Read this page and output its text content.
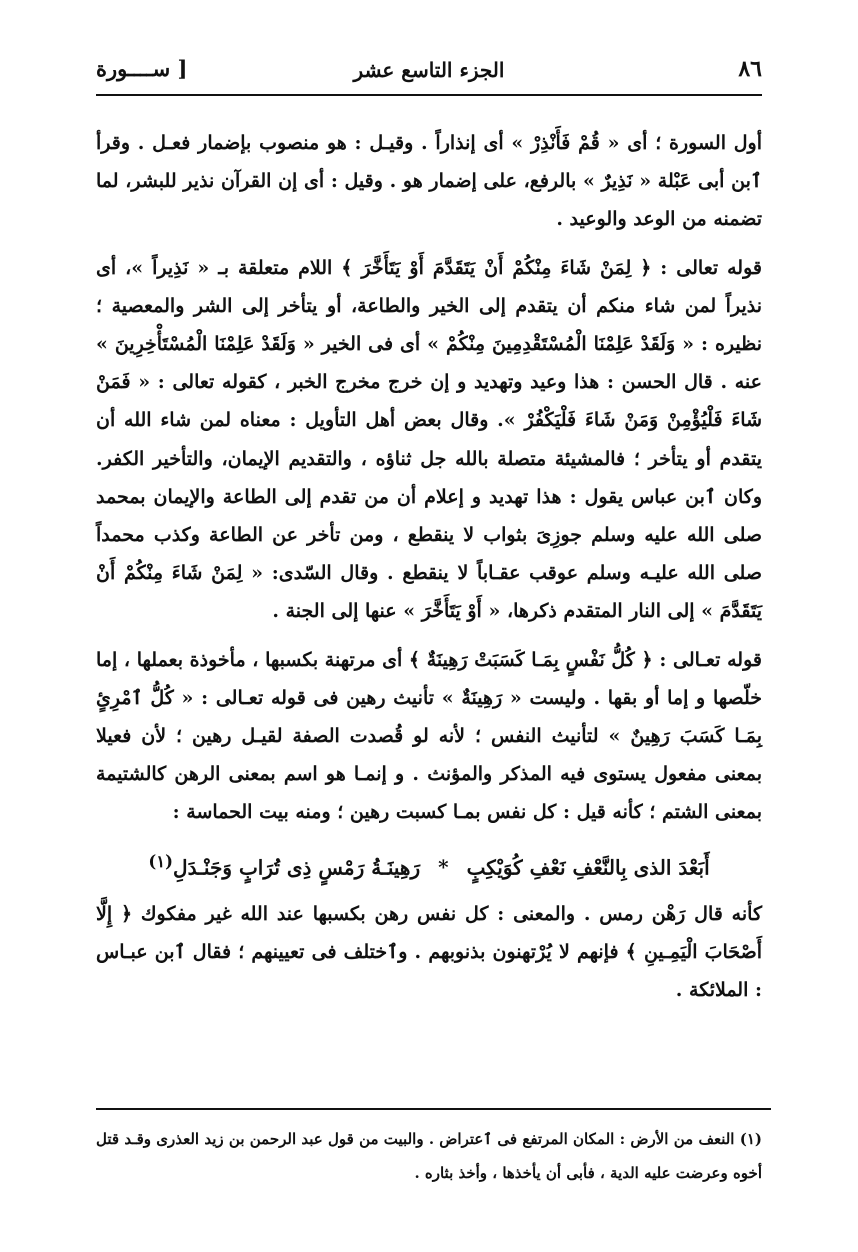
٨٦
الجزء التاسع عشر
[ ســــورة

أول السورة ؛ أى « قُمْ فَأَنْذِرْ » أى إنذاراً . وقيـل : هو منصوب بإضمار فعـل . وقرأ ٱبن أبى عَبْلة « نَذِيرٌ » بالرفع، على إضمار هو . وقيل : أى إن القرآن نذير للبشر، لما تضمنه من الوعد والوعيد .

قوله تعالى : ﴿ لِمَنْ شَاءَ مِنْكُمْ أَنْ يَتَقَدَّمَ أَوْ يَتَأَخَّرَ ﴾ اللام متعلقة بـ « نَذِيراً »، أى نذيراً لمن شاء منكم أن يتقدم إلى الخير والطاعة، أو يتأخر إلى الشر والمعصية ؛ نظيره : « وَلَقَدْ عَلِمْنَا الْمُسْتَقْدِمِينَ مِنْكُمْ » أى فى الخير « وَلَقَدْ عَلِمْنَا الْمُسْتَأْخِرِينَ » عنه . قال الحسن : هذا وعيد وتهديد و إن خرج مخرج الخبر ، كقوله تعالى : « فَمَنْ شَاءَ فَلْيُؤْمِنْ وَمَنْ شَاءَ فَلْيَكْفُرْ ». وقال بعض أهل التأويل : معناه لمن شاء الله أن يتقدم أو يتأخر ؛ فالمشيئة متصلة بالله جل ثناؤه ، والتقديم الإيمان، والتأخير الكفر. وكان ٱبن عباس يقول : هذا تهديد و إعلام أن من تقدم إلى الطاعة والإيمان بمحمد صلى الله عليه وسلم جوزِىَ بثواب لا ينقطع ، ومن تأخر عن الطاعة وكذب محمداً صلى الله عليـه وسلم عوقب عقـاباً لا ينقطع . وقال السّدى: « لِمَنْ شَاءَ مِنْكُمْ أَنْ يَتَقَدَّمَ » إلى النار المتقدم ذكرها، « أَوْ يَتَأَخَّرَ » عنها إلى الجنة .

قوله تعـالى : ﴿ كُلُّ نَفْسٍ بِمَـا كَسَبَتْ رَهِينَةٌ ﴾ أى مرتهنة بكسبها ، مأخوذة بعملها ، إما خلّصها و إما أو بقها . وليست « رَهِينَةٌ » تأنيث رهين فى قوله تعـالى : « كُلُّ ٱمْرِئٍ بِمَـا كَسَبَ رَهِينٌ » لتأنيث النفس ؛ لأنه لو قُصدت الصفة لقيـل رهين ؛ لأن فعيلا بمعنى مفعول يستوى فيه المذكر والمؤنث . و إنمـا هو اسم بمعنى الرهن كالشتيمة بمعنى الشتم ؛ كأنه قيل : كل نفس بمـا كسبت رهين ؛ ومنه بيت الحماسة :

أَبَعْدَ الذى بِالنَّعْفِ نَعْفِ كُوَيْكِبٍ*رَهِينَـةُ رَمْسٍ ذِى تُرَابٍ وَجَنْـدَلِ$^{(١)}$

كأنه قال رَهْن رمس . والمعنى : كل نفس رهن بكسبها عند الله غير مفكوك ﴿ إِلَّا أَصْحَابَ الْيَمِـينِ ﴾ فإنهم لا يُرْتهنون بذنوبهم . وٱختلف فى تعيينهم ؛ فقال ٱبن عبـاس : الملائكة .

(١) النعف من الأرض : المكان المرتفع فى ٱعتراض . والبيت من قول عبد الرحمن بن زيد العذرى وقـد قتل أخوه وعرضت عليه الدية ، فأبى أن يأخذها ، وأخذ بثاره .
